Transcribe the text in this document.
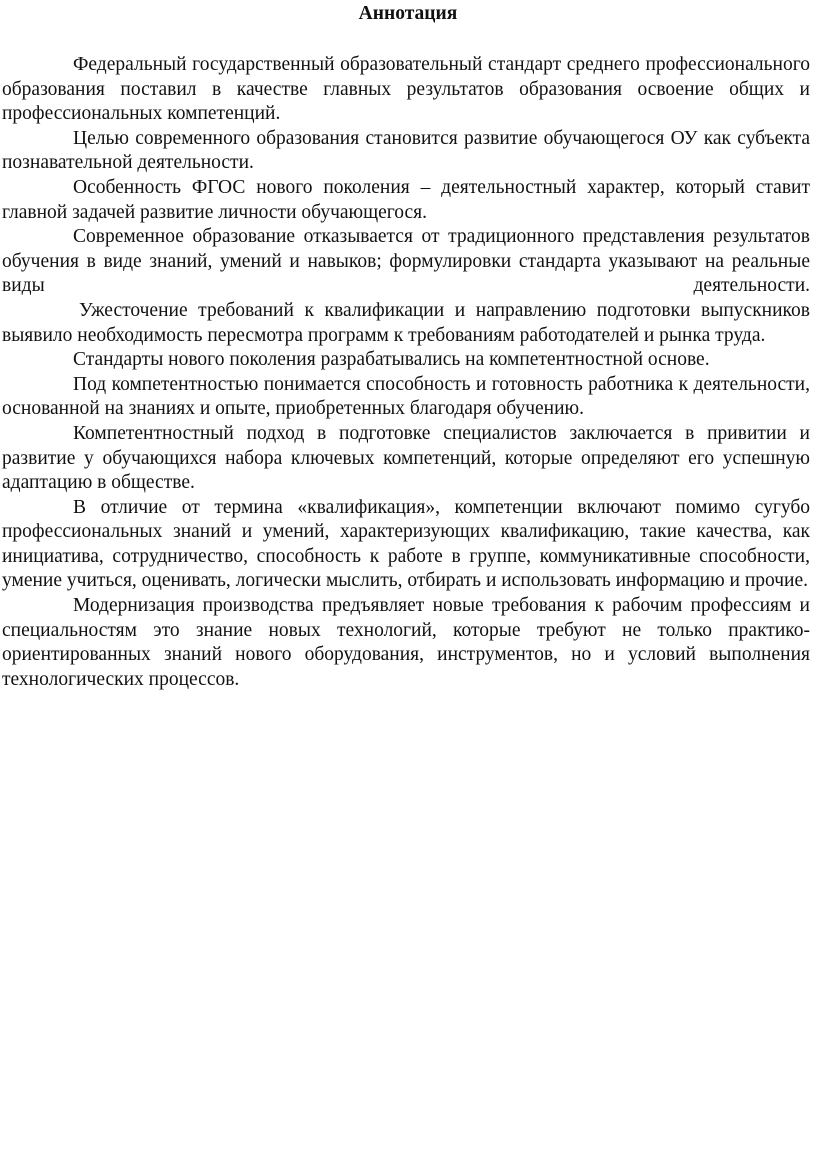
Аннотация

Федеральный государственный образовательный стандарт среднего профессионального образования поставил в качестве главных результатов образования освоение общих и профессиональных компетенций.

Целью современного образования становится развитие обучающегося ОУ как субъекта познавательной деятельности.

Особенность ФГОС нового поколения – деятельностный характер, который ставит главной задачей развитие личности обучающегося.

Современное образование отказывается от традиционного представления результатов обучения в виде знаний, умений и навыков; формулировки стандарта указывают на реальные виды деятельности.

Ужесточение требований к квалификации и направлению подготовки выпускников выявило необходимость пересмотра программ к требованиям работодателей и рынка труда.

Стандарты нового поколения разрабатывались на компетентностной основе.

Под компетентностью понимается способность и готовность работника к деятельности, основанной на знаниях и опыте, приобретенных благодаря обучению.

Компетентностный подход в подготовке специалистов заключается в привитии и развитие у обучающихся набора ключевых компетенций, которые определяют его успешную адаптацию в обществе.

В отличие от термина «квалификация», компетенции включают помимо сугубо профессиональных знаний и умений, характеризующих квалификацию, такие качества, как инициатива, сотрудничество, способность к работе в группе, коммуникативные способности, умение учиться, оценивать, логически мыслить, отбирать и использовать информацию и прочие.

Модернизация производства предъявляет новые требования к рабочим профессиям и специальностям это знание новых технологий, которые требуют не только практико-ориентированных знаний нового оборудования, инструментов, но и условий выполнения технологических процессов.
